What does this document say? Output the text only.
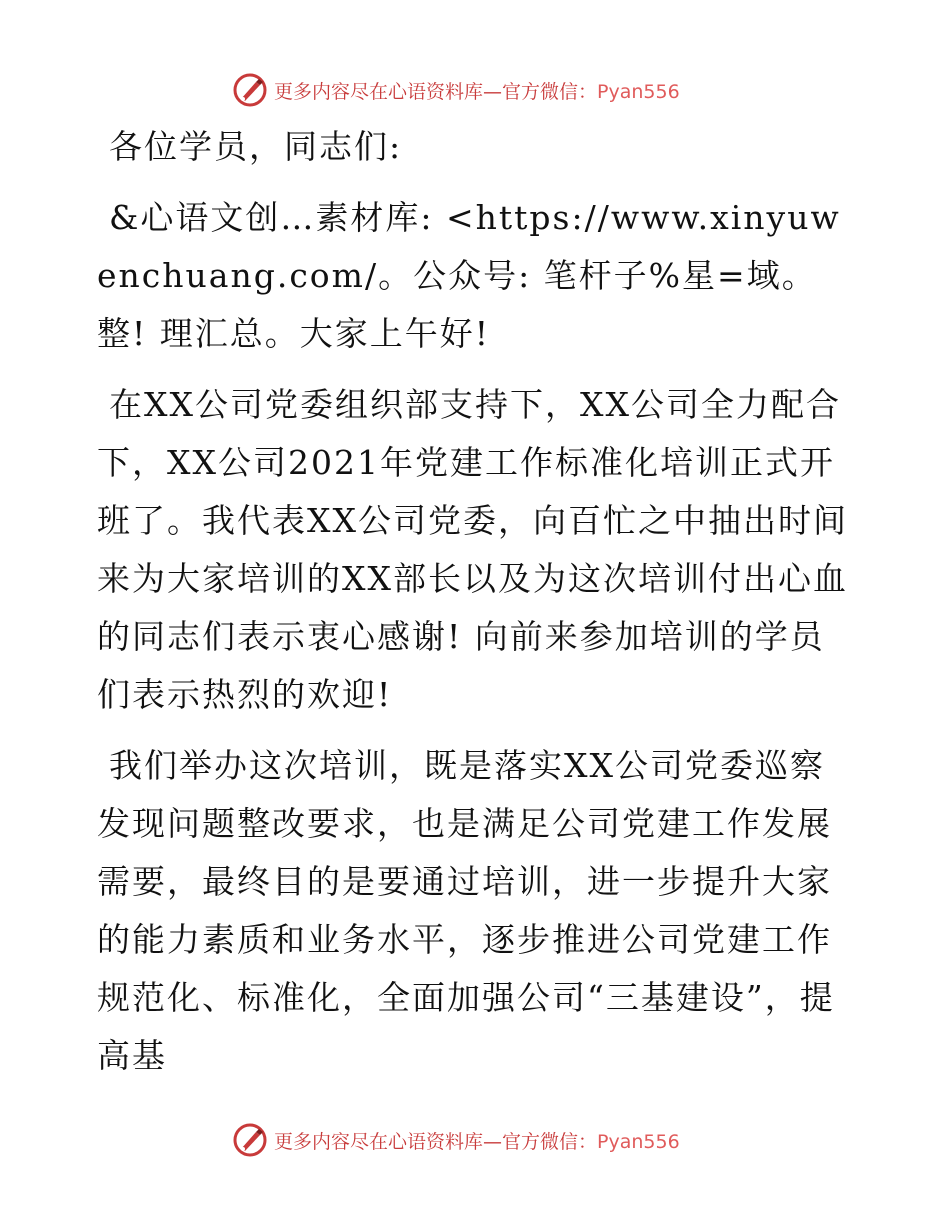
更多内容尽在心语资料库—官方微信：Pyan556

各位学员，同志们:

&心语文创…素材库: <https://www.xinyuwenchuang.com/。公众号: 笔杆子%星=域。整! 理汇总。大家上午好!

在XX公司党委组织部支持下，XX公司全力配合下，XX公司2021年党建工作标准化培训正式开班了。我代表XX公司党委，向百忙之中抽出时间来为大家培训的XX部长以及为这次培训付出心血的同志们表示衷心感谢! 向前来参加培训的学员们表示热烈的欢迎!

我们举办这次培训，既是落实XX公司党委巡察发现问题整改要求，也是满足公司党建工作发展需要，最终目的是要通过培训，进一步提升大家的能力素质和业务水平，逐步推进公司党建工作规范化、标准化，全面加强公司“三基建设”，提高基

更多内容尽在心语资料库—官方微信：Pyan556
